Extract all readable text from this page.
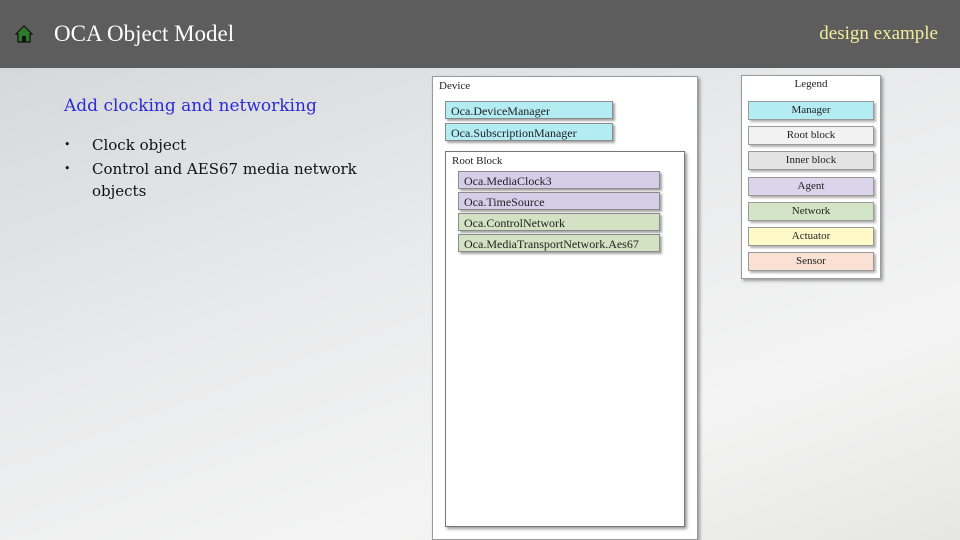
OCA Object Model	design example
Add clocking and networking
• Clock object
• Control and AES67 media network objects
Device
Oca.DeviceManager
Oca.SubscriptionManager
Root Block
Oca.MediaClock3
Oca.TimeSource
Oca.ControlNetwork
Oca.MediaTransportNetwork.Aes67
Legend
Manager
Root block
Inner block
Agent
Network
Actuator
Sensor
